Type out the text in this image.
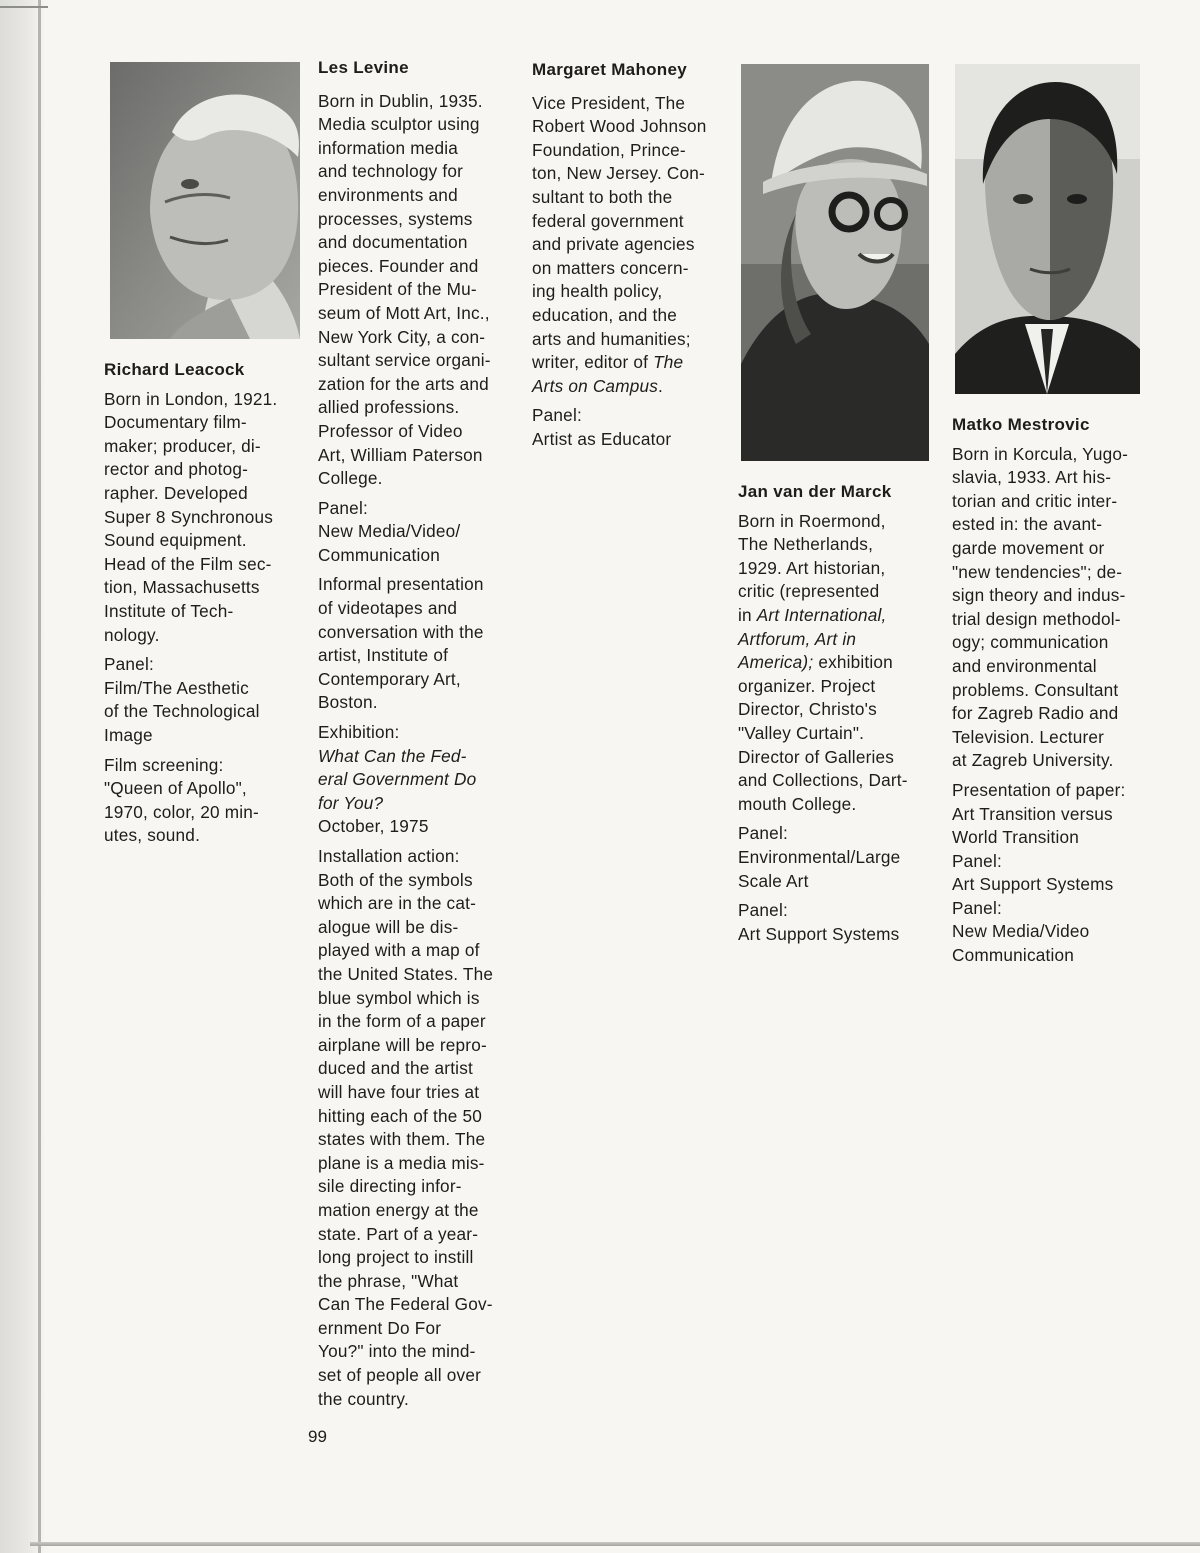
Richard Leacock

Born in London, 1921.
Documentary film-
maker; producer, di-
rector and photog-
rapher. Developed
Super 8 Synchronous
Sound equipment.
Head of the Film sec-
tion, Massachusetts
Institute of Tech-
nology.

Panel:

Film/The Aesthetic
of the Technological
Image

Film screening:
"Queen of Apollo",
1970, color, 20 min-
utes, sound.

Les Levine

Born in Dublin, 1935.
Media sculptor using
information media
and technology for
environments and
processes, systems
and documentation
pieces. Founder and
President of the Mu-
seum of Mott Art, Inc.,
New York City, a con-
sultant service organi-
zation for the arts and
allied professions.
Professor of Video
Art, William Paterson
College.

Panel:

New Media/Video/
Communication

Informal presentation
of videotapes and
conversation with the
artist, Institute of
Contemporary Art,
Boston.

Exhibition:

What Can the Fed-
eral Government Do
for You?

October, 1975

Installation action:
Both of the symbols
which are in the cat-
alogue will be dis-
played with a map of
the United States. The
blue symbol which is
in the form of a paper
airplane will be repro-
duced and the artist
will have four tries at
hitting each of the 50
states with them. The
plane is a media mis-
sile directing infor-
mation energy at the
state. Part of a year-
long project to instill
the phrase, "What
Can The Federal Gov-
ernment Do For
You?" into the mind-
set of people all over
the country.

Margaret Mahoney

Vice President, The
Robert Wood Johnson
Foundation, Prince-
ton, New Jersey. Con-
sultant to both the
federal government
and private agencies
on matters concern-
ing health policy,
education, and the
arts and humanities;
writer, editor of The
Arts on Campus.

Panel:

Artist as Educator

Jan van der Marck

Born in Roermond,
The Netherlands,
1929. Art historian,
critic (represented
in Art International,
Artforum, Art in
America); exhibition
organizer. Project
Director, Christo's
"Valley Curtain".
Director of Galleries
and Collections, Dart-
mouth College.

Panel:

Environmental/Large
Scale Art

Panel:

Art Support Systems

Matko Mestrovic

Born in Korcula, Yugo-
slavia, 1933. Art his-
torian and critic inter-
ested in: the avant-
garde movement or
"new tendencies"; de-
sign theory and indus-
trial design methodol-
ogy; communication
and environmental
problems. Consultant
for Zagreb Radio and
Television. Lecturer
at Zagreb University.

Presentation of paper:
Art Transition versus
World Transition

Panel:

Art Support Systems

Panel:

New Media/Video
Communication

99
